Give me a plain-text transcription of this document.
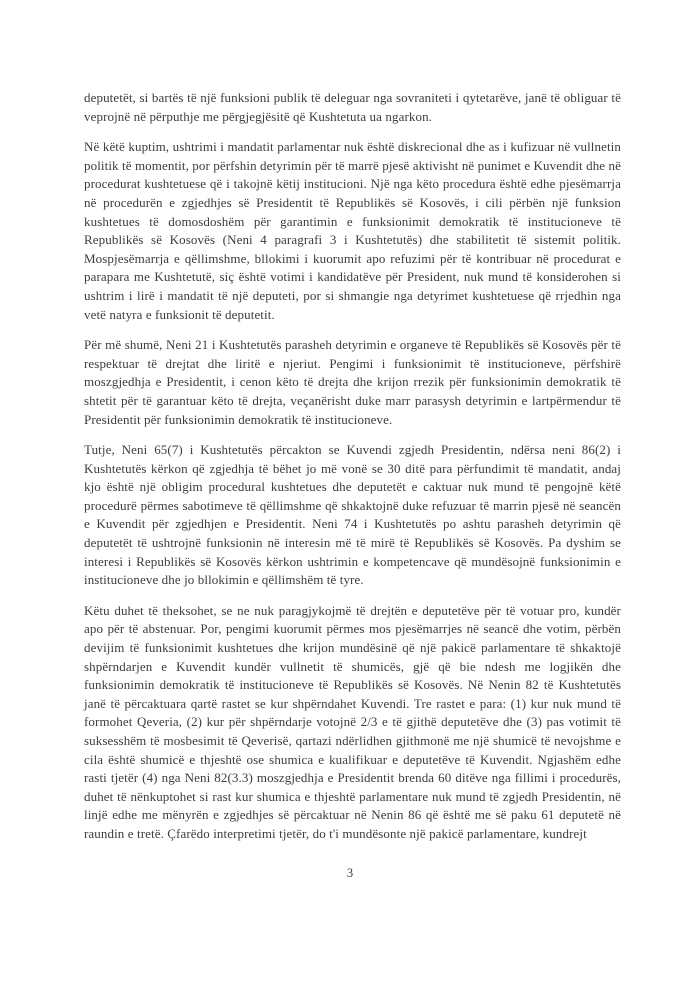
deputetët, si bartës të një funksioni publik të deleguar nga sovraniteti i qytetarëve, janë të obliguar të veprojnë në përputhje me përgjegjësitë që Kushtetuta ua ngarkon.

Në këtë kuptim, ushtrimi i mandatit parlamentar nuk është diskrecional dhe as i kufizuar në vullnetin politik të momentit, por përfshin detyrimin për të marrë pjesë aktivisht në punimet e Kuvendit dhe në procedurat kushtetuese që i takojnë këtij institucioni. Një nga këto procedura është edhe pjesëmarrja në procedurën e zgjedhjes së Presidentit të Republikës së Kosovës, i cili përbën një funksion kushtetues të domosdoshëm për garantimin e funksionimit demokratik të institucioneve të Republikës së Kosovës (Neni 4 paragrafi 3 i Kushtetutës) dhe stabilitetit të sistemit politik. Mospjesëmarrja e qëllimshme, bllokimi i kuorumit apo refuzimi për të kontribuar në procedurat e parapara me Kushtetutë, siç është votimi i kandidatëve për President, nuk mund të konsiderohen si ushtrim i lirë i mandatit të një deputeti, por si shmangie nga detyrimet kushtetuese që rrjedhin nga vetë natyra e funksionit të deputetit.

Për më shumë, Neni 21 i Kushtetutës parasheh detyrimin e organeve të Republikës së Kosovës për të respektuar të drejtat dhe liritë e njeriut. Pengimi i funksionimit të institucioneve, përfshirë moszgjedhja e Presidentit, i cenon këto të drejta dhe krijon rrezik për funksionimin demokratik të shtetit për të garantuar këto të drejta, veçanërisht duke marr parasysh detyrimin e lartpërmendur të Presidentit për funksionimin demokratik të institucioneve.

Tutje, Neni 65(7) i Kushtetutës përcakton se Kuvendi zgjedh Presidentin, ndërsa neni 86(2) i Kushtetutës kërkon që zgjedhja të bëhet jo më vonë se 30 ditë para përfundimit të mandatit, andaj kjo është një obligim procedural kushtetues dhe deputetët e caktuar nuk mund të pengojnë këtë procedurë përmes sabotimeve të qëllimshme që shkaktojnë duke refuzuar të marrin pjesë në seancën e Kuvendit për zgjedhjen e Presidentit. Neni 74 i Kushtetutës po ashtu parasheh detyrimin që deputetët të ushtrojnë funksionin në interesin më të mirë të Republikës së Kosovës. Pa dyshim se interesi i Republikës së Kosovës kërkon ushtrimin e kompetencave që mundësojnë funksionimin e institucioneve dhe jo bllokimin e qëllimshëm të tyre.

Këtu duhet të theksohet, se ne nuk paragjykojmë të drejtën e deputetëve për të votuar pro, kundër apo për të abstenuar. Por, pengimi kuorumit përmes mos pjesëmarrjes në seancë dhe votim, përbën devijim të funksionimit kushtetues dhe krijon mundësinë që një pakicë parlamentare të shkaktojë shpërndarjen e Kuvendit kundër vullnetit të shumicës, gjë që bie ndesh me logjikën dhe funksionimin demokratik të institucioneve të Republikës së Kosovës. Në Nenin 82 të Kushtetutës janë të përcaktuara qartë rastet se kur shpërndahet Kuvendi. Tre rastet e para: (1) kur nuk mund të formohet Qeveria, (2) kur për shpërndarje votojnë 2/3 e të gjithë deputetëve dhe (3) pas votimit të suksesshëm të mosbesimit të Qeverisë, qartazi ndërlidhen gjithmonë me një shumicë të nevojshme e cila është shumicë e thjeshtë ose shumica e kualifikuar e deputetëve të Kuvendit. Ngjashëm edhe rasti tjetër (4) nga Neni 82(3.3) moszgjedhja e Presidentit brenda 60 ditëve nga fillimi i procedurës, duhet të nënkuptohet si rast kur shumica e thjeshtë parlamentare nuk mund të zgjedh Presidentin, në linjë edhe me mënyrën e zgjedhjes së përcaktuar në Nenin 86 që është me së paku 61 deputetë në raundin e tretë. Çfarëdo interpretimi tjetër, do t'i mundësonte një pakicë parlamentare, kundrejt

3
